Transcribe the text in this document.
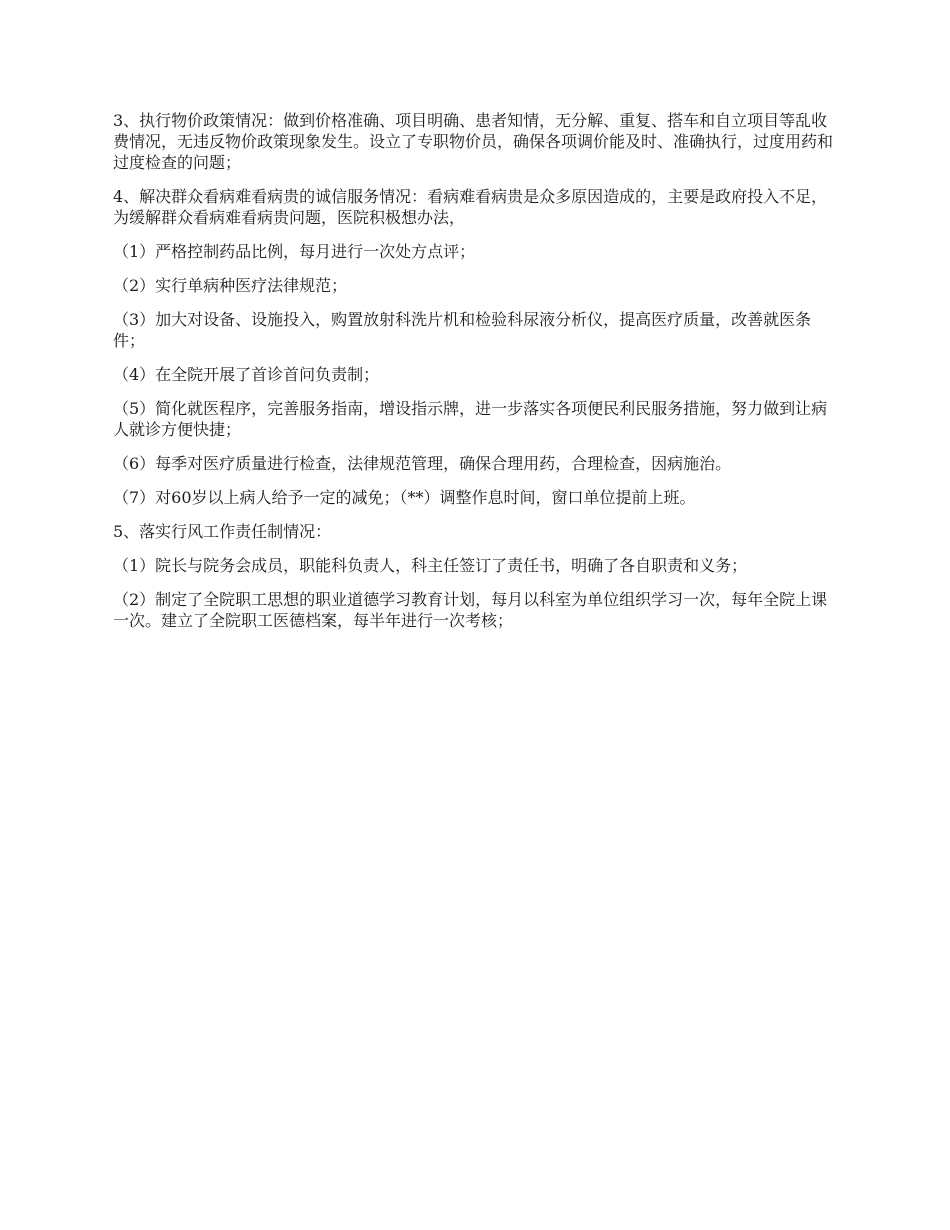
3、执行物价政策情况：做到价格准确、项目明确、患者知情，无分解、重复、搭车和自立项目等乱收费情况，无违反物价政策现象发生。设立了专职物价员，确保各项调价能及时、准确执行，过度用药和过度检查的问题；

4、解决群众看病难看病贵的诚信服务情况：看病难看病贵是众多原因造成的，主要是政府投入不足，为缓解群众看病难看病贵问题，医院积极想办法，

（1）严格控制药品比例，每月进行一次处方点评；

（2）实行单病种医疗法律规范；

（3）加大对设备、设施投入，购置放射科洗片机和检验科尿液分析仪，提高医疗质量，改善就医条件；

（4）在全院开展了首诊首问负责制；

（5）简化就医程序，完善服务指南，增设指示牌，进一步落实各项便民利民服务措施，努力做到让病人就诊方便快捷；

（6）每季对医疗质量进行检查，法律规范管理，确保合理用药，合理检查，因病施治。

（7）对60岁以上病人给予一定的减免；（**）调整作息时间，窗口单位提前上班。

5、落实行风工作责任制情况：

（1）院长与院务会成员，职能科负责人，科主任签订了责任书，明确了各自职责和义务；

（2）制定了全院职工思想的职业道德学习教育计划，每月以科室为单位组织学习一次，每年全院上课一次。建立了全院职工医德档案，每半年进行一次考核；
